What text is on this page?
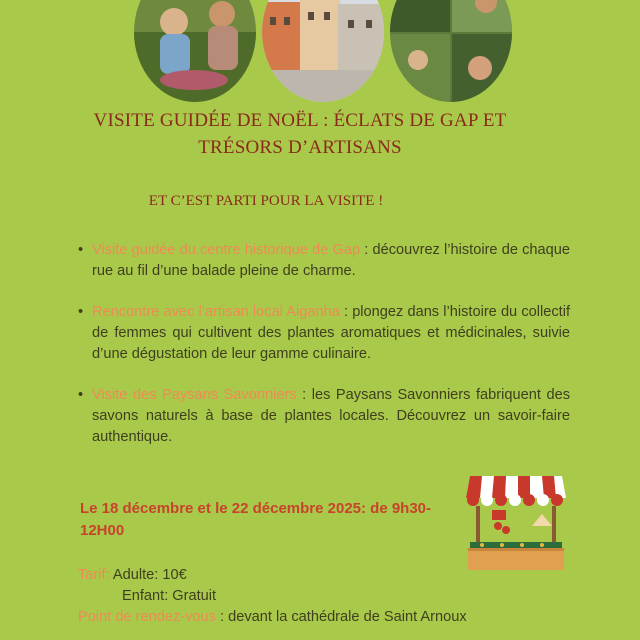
VISITE GUIDÉE DE NOËL : ÉCLATS DE GAP ET
TRÉSORS D’ARTISANS
ET C’EST PARTI POUR LA VISITE !
• Visite guidée du centre historique de Gap : découvrez l’histoire de chaque rue au fil d’une balade pleine de charme.
• Rencontre avec l’artisan local Aiganha : plongez dans l’histoire du collectif de femmes qui cultivent des plantes aromatiques et médicinales, suivie d’une dégustation de leur gamme culinaire.
• Visite des Paysans Savonniers : les Paysans Savonniers fabriquent des savons naturels à base de plantes locales. Découvrez un savoir-faire authentique.
Le 18 décembre et le 22 décembre 2025: de 9h30-12H00
Tarif: Adulte: 10€
Enfant: Gratuit
Point de rendez-vous : devant la cathédrale de Saint Arnoux
